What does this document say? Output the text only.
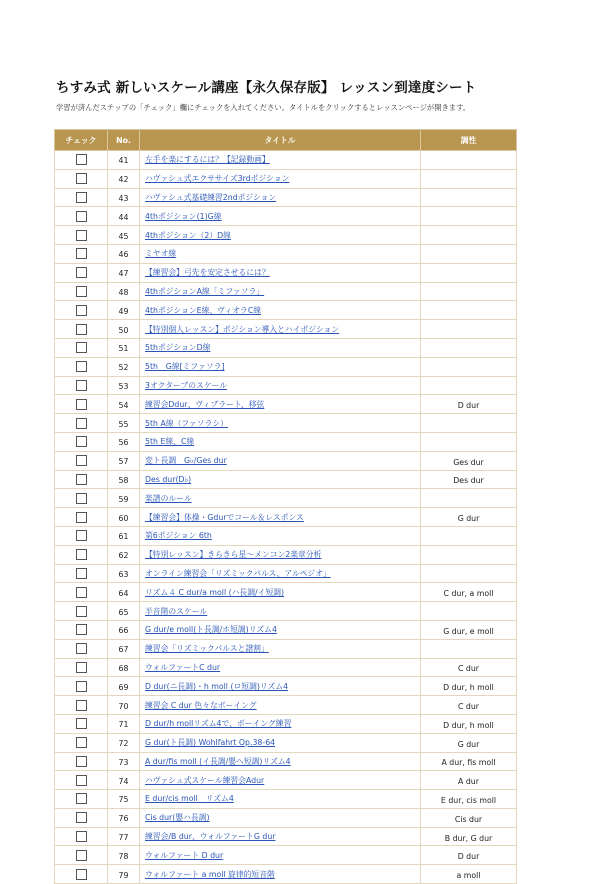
ちすみ式 新しいスケール講座【永久保存版】 レッスン到達度シート
学習が済んだステップの「チェック」欄にチェックを入れてください。タイトルをクリックするとレッスンページが開きます。
チェック	No.	タイトル	調性
	41	左手を楽にするには？【記録動画】	
	42	ハヴァシュ式エクササイズ3rdポジション	
	43	ハヴァシュ式基礎練習2ndポジション	
	44	4thポジション(1)G線	
	45	4thポジション（2）D線	
	46	ミヤオ線	
	47	【練習会】弓先を安定させるには？	
	48	4thポジションA線「ミファソラ」	
	49	4thポジションE線、ヴィオラC線	
	50	【特別個人レッスン】ポジション導入とハイポジション	
	51	5thポジションD線	
	52	5th　G線[ミファソラ]	
	53	3オクターブのスケール	
	54	練習会Ddur、ヴィブラート、移弦	D dur
	55	5th A線（ファソラシ）	
	56	5th E線、C線	
	57	変ト長調　G♭/Ges dur	Ges dur
	58	Des dur(D♭)	Des dur
	59	楽譜のルール	
	60	【練習会】体操・Gdurでコール＆レスポンス	G dur
	61	第6ポジション 6th	
	62	【特別レッスン】きらきら星～メンコン2楽章分析	
	63	オンライン練習会「リズミックパルス、アルペジオ」	
	64	リズム４ C dur/a moll (ハ長調/イ短調)	C dur, a moll
	65	半音階のスケール	
	66	G dur/e moll(ト長調/ホ短調)リズム4	G dur, e moll
	67	練習会「リズミックパルスと譜割」	
	68	ウォルファートC dur	C dur
	69	D dur(ニ長調)・h moll (ロ短調)リズム4	D dur, h moll
	70	練習会 C dur 色々なボーイング	C dur
	71	D dur/h mollリズム4で、ボーイング練習	D dur, h moll
	72	G dur(ト長調) Wohlfahrt Op.38-64	G dur
	73	A dur/fis moll (イ長調/嬰ヘ短調)リズム4	A dur, fis moll
	74	ハヴァシュ式スケール練習会Adur	A dur
	75	E dur/cis moll　リズム4	E dur, cis moll
	76	Cis dur(嬰ハ長調)	Cis dur
	77	練習会/B dur、ウォルファートG dur	B dur, G dur
	78	ウォルファート D dur	D dur
	79	ウォルファート a moll 旋律的短音階	a moll
